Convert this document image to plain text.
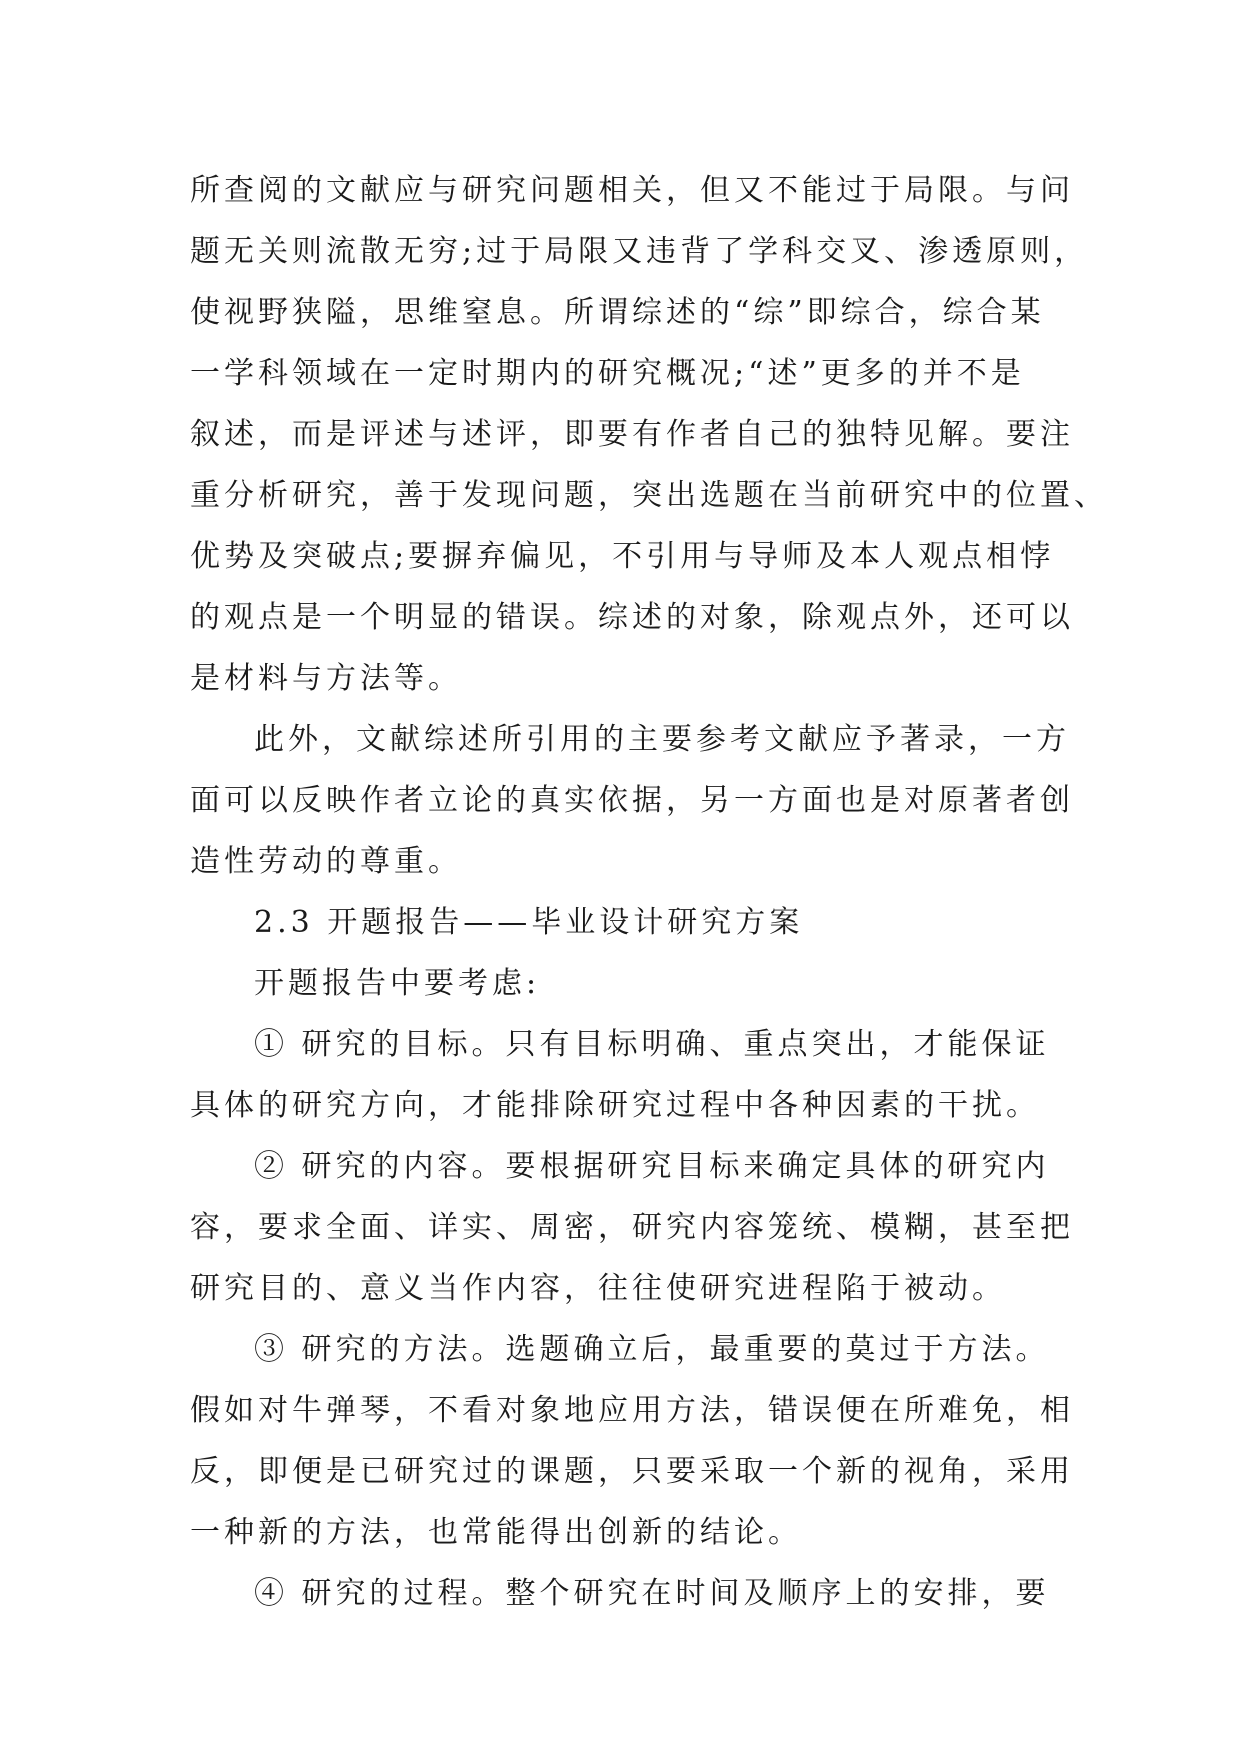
所查阅的文献应与研究问题相关，但又不能过于局限。与问
题无关则流散无穷;过于局限又违背了学科交叉、渗透原则，
使视野狭隘，思维窒息。所谓综述的“综”即综合，综合某
一学科领域在一定时期内的研究概况;“述”更多的并不是
叙述，而是评述与述评，即要有作者自己的独特见解。要注
重分析研究，善于发现问题，突出选题在当前研究中的位置、
优势及突破点;要摒弃偏见，不引用与导师及本人观点相悖
的观点是一个明显的错误。综述的对象，除观点外，还可以
是材料与方法等。
此外，文献综述所引用的主要参考文献应予著录，一方
面可以反映作者立论的真实依据，另一方面也是对原著者创
造性劳动的尊重。
2.3 开题报告——毕业设计研究方案
开题报告中要考虑:
① 研究的目标。只有目标明确、重点突出，才能保证
具体的研究方向，才能排除研究过程中各种因素的干扰。
② 研究的内容。要根据研究目标来确定具体的研究内
容，要求全面、详实、周密，研究内容笼统、模糊，甚至把
研究目的、意义当作内容，往往使研究进程陷于被动。
③ 研究的方法。选题确立后，最重要的莫过于方法。
假如对牛弹琴，不看对象地应用方法，错误便在所难免，相
反，即便是已研究过的课题，只要采取一个新的视角，采用
一种新的方法，也常能得出创新的结论。
④ 研究的过程。整个研究在时间及顺序上的安排，要
